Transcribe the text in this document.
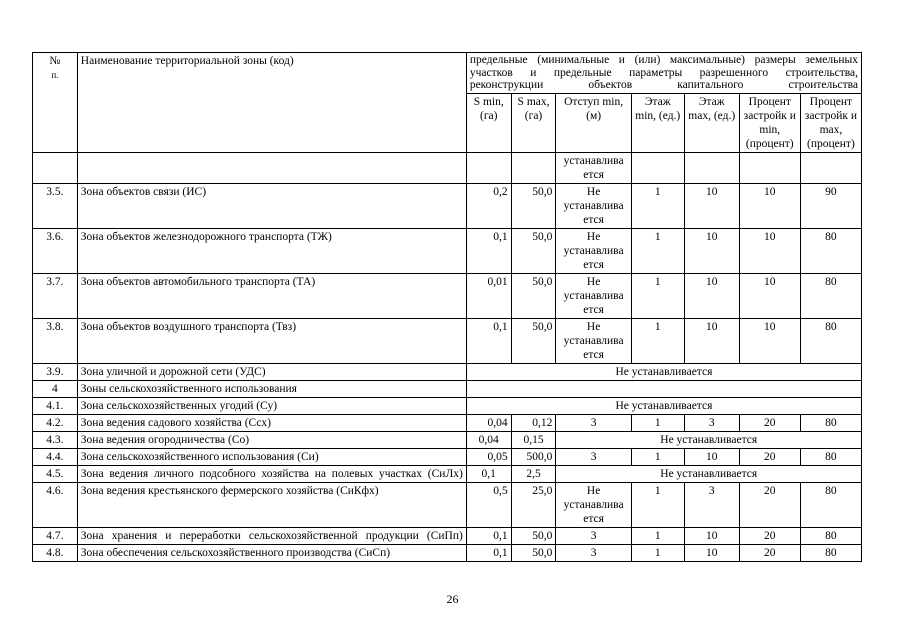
№
п.	Наименование территориальной зоны (код)	предельные (минимальные и (или) максимальные) размеры земельных участков и предельные параметры разрешенного строительства, реконструкции объектов капитального строительства						
		S min, (га)	S max, (га)	Отступ min, (м)	Этаж min, (ед.)	Этаж max, (ед.)	Процент застройк и min, (процент)	Процент застройк и max, (процент)
				устанавлива ется				
3.5.	Зона объектов связи (ИС)	0,2	50,0	Не устанавлива ется	1	10	10	90
3.6.	Зона объектов железнодорожного транспорта (ТЖ)	0,1	50,0	Не устанавлива ется	1	10	10	80
3.7.	Зона объектов автомобильного транспорта (ТА)	0,01	50,0	Не устанавлива ется	1	10	10	80
3.8.	Зона объектов воздушного транспорта (Твз)	0,1	50,0	Не устанавлива ется	1	10	10	80
3.9.	Зона уличной и дорожной сети (УДС)	Не устанавливается						
4	Зоны сельскохозяйственного использования							
4.1.	Зона сельскохозяйственных угодий (Су)	Не устанавливается						
4.2.	Зона ведения садового хозяйства (Ссх)	0,04	0,12	3	1	3	20	80
4.3.	Зона ведения огородничества (Со)	0,04	0,15	Не устанавливается				
4.4.	Зона сельскохозяйственного использования (Си)	0,05	500,0	3	1	10	20	80
4.5.	Зона ведения личного подсобного хозяйства на полевых участках (СиЛх)	0,1	2,5	Не устанавливается				
4.6.	Зона ведения крестьянского фермерского хозяйства (СиКфх)	0,5	25,0	Не устанавлива ется	1	3	20	80
4.7.	Зона хранения и переработки сельскохозяйственной продукции (СиПп)	0,1	50,0	3	1	10	20	80
4.8.	Зона обеспечения сельскохозяйственного производства (СиСп)	0,1	50,0	3	1	10	20	80
26
